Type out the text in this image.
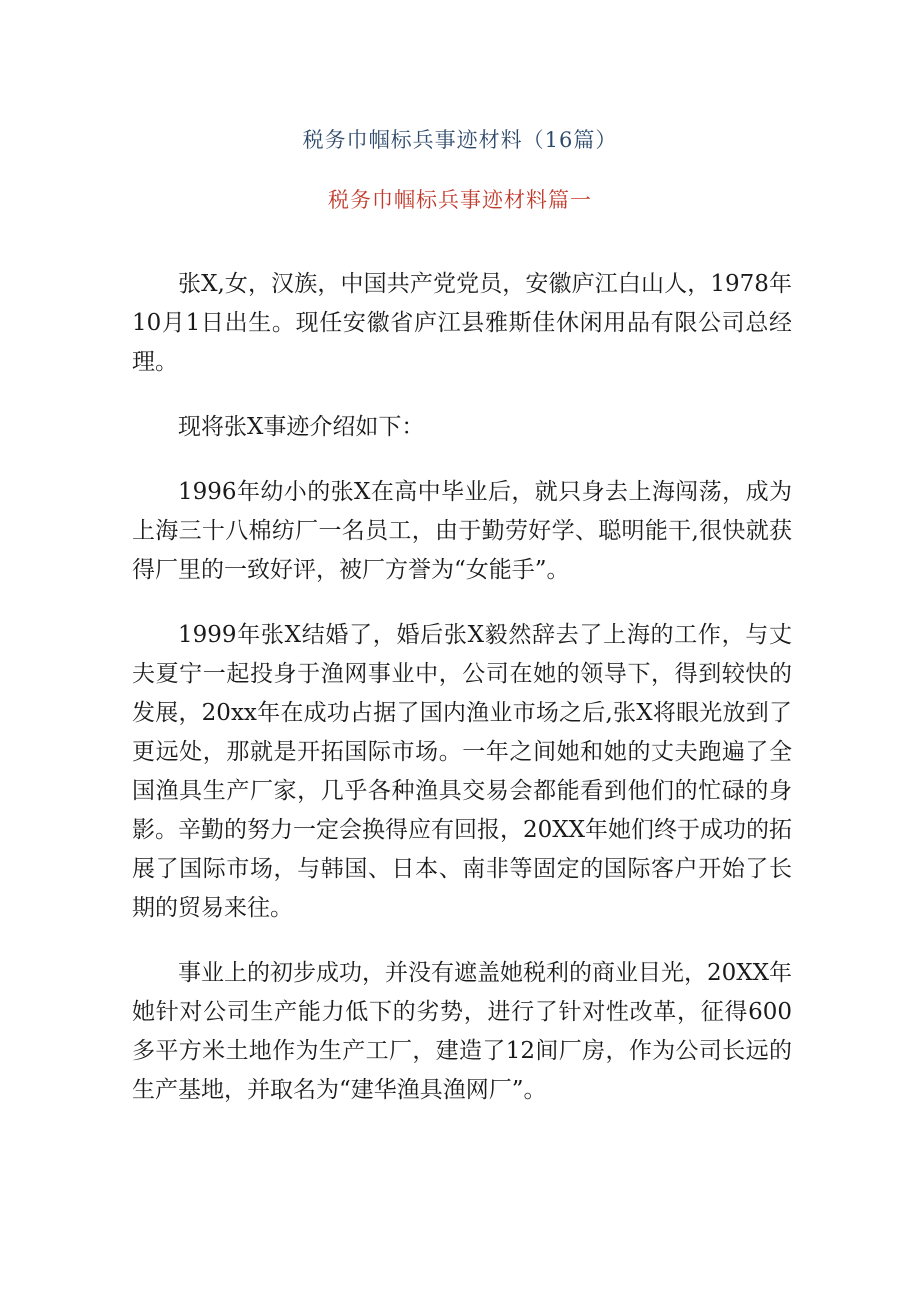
税务巾帼标兵事迹材料（16篇）
税务巾帼标兵事迹材料篇一

张X,女，汉族，中国共产党党员，安徽庐江白山人，1978年10月1日出生。现任安徽省庐江县雅斯佳休闲用品有限公司总经理。

现将张X事迹介绍如下：

1996年幼小的张X在高中毕业后，就只身去上海闯荡，成为上海三十八棉纺厂一名员工，由于勤劳好学、聪明能干,很快就获得厂里的一致好评，被厂方誉为“女能手”。

1999年张X结婚了，婚后张X毅然辞去了上海的工作，与丈夫夏宁一起投身于渔网事业中，公司在她的领导下，得到较快的发展，20xx年在成功占据了国内渔业市场之后,张X将眼光放到了更远处，那就是开拓国际市场。一年之间她和她的丈夫跑遍了全国渔具生产厂家，几乎各种渔具交易会都能看到他们的忙碌的身影。辛勤的努力一定会换得应有回报，20XX年她们终于成功的拓展了国际市场，与韩国、日本、南非等固定的国际客户开始了长期的贸易来往。

事业上的初步成功，并没有遮盖她税利的商业目光，20XX年她针对公司生产能力低下的劣势，进行了针对性改革，征得600多平方米土地作为生产工厂，建造了12间厂房，作为公司长远的生产基地，并取名为“建华渔具渔网厂”。
